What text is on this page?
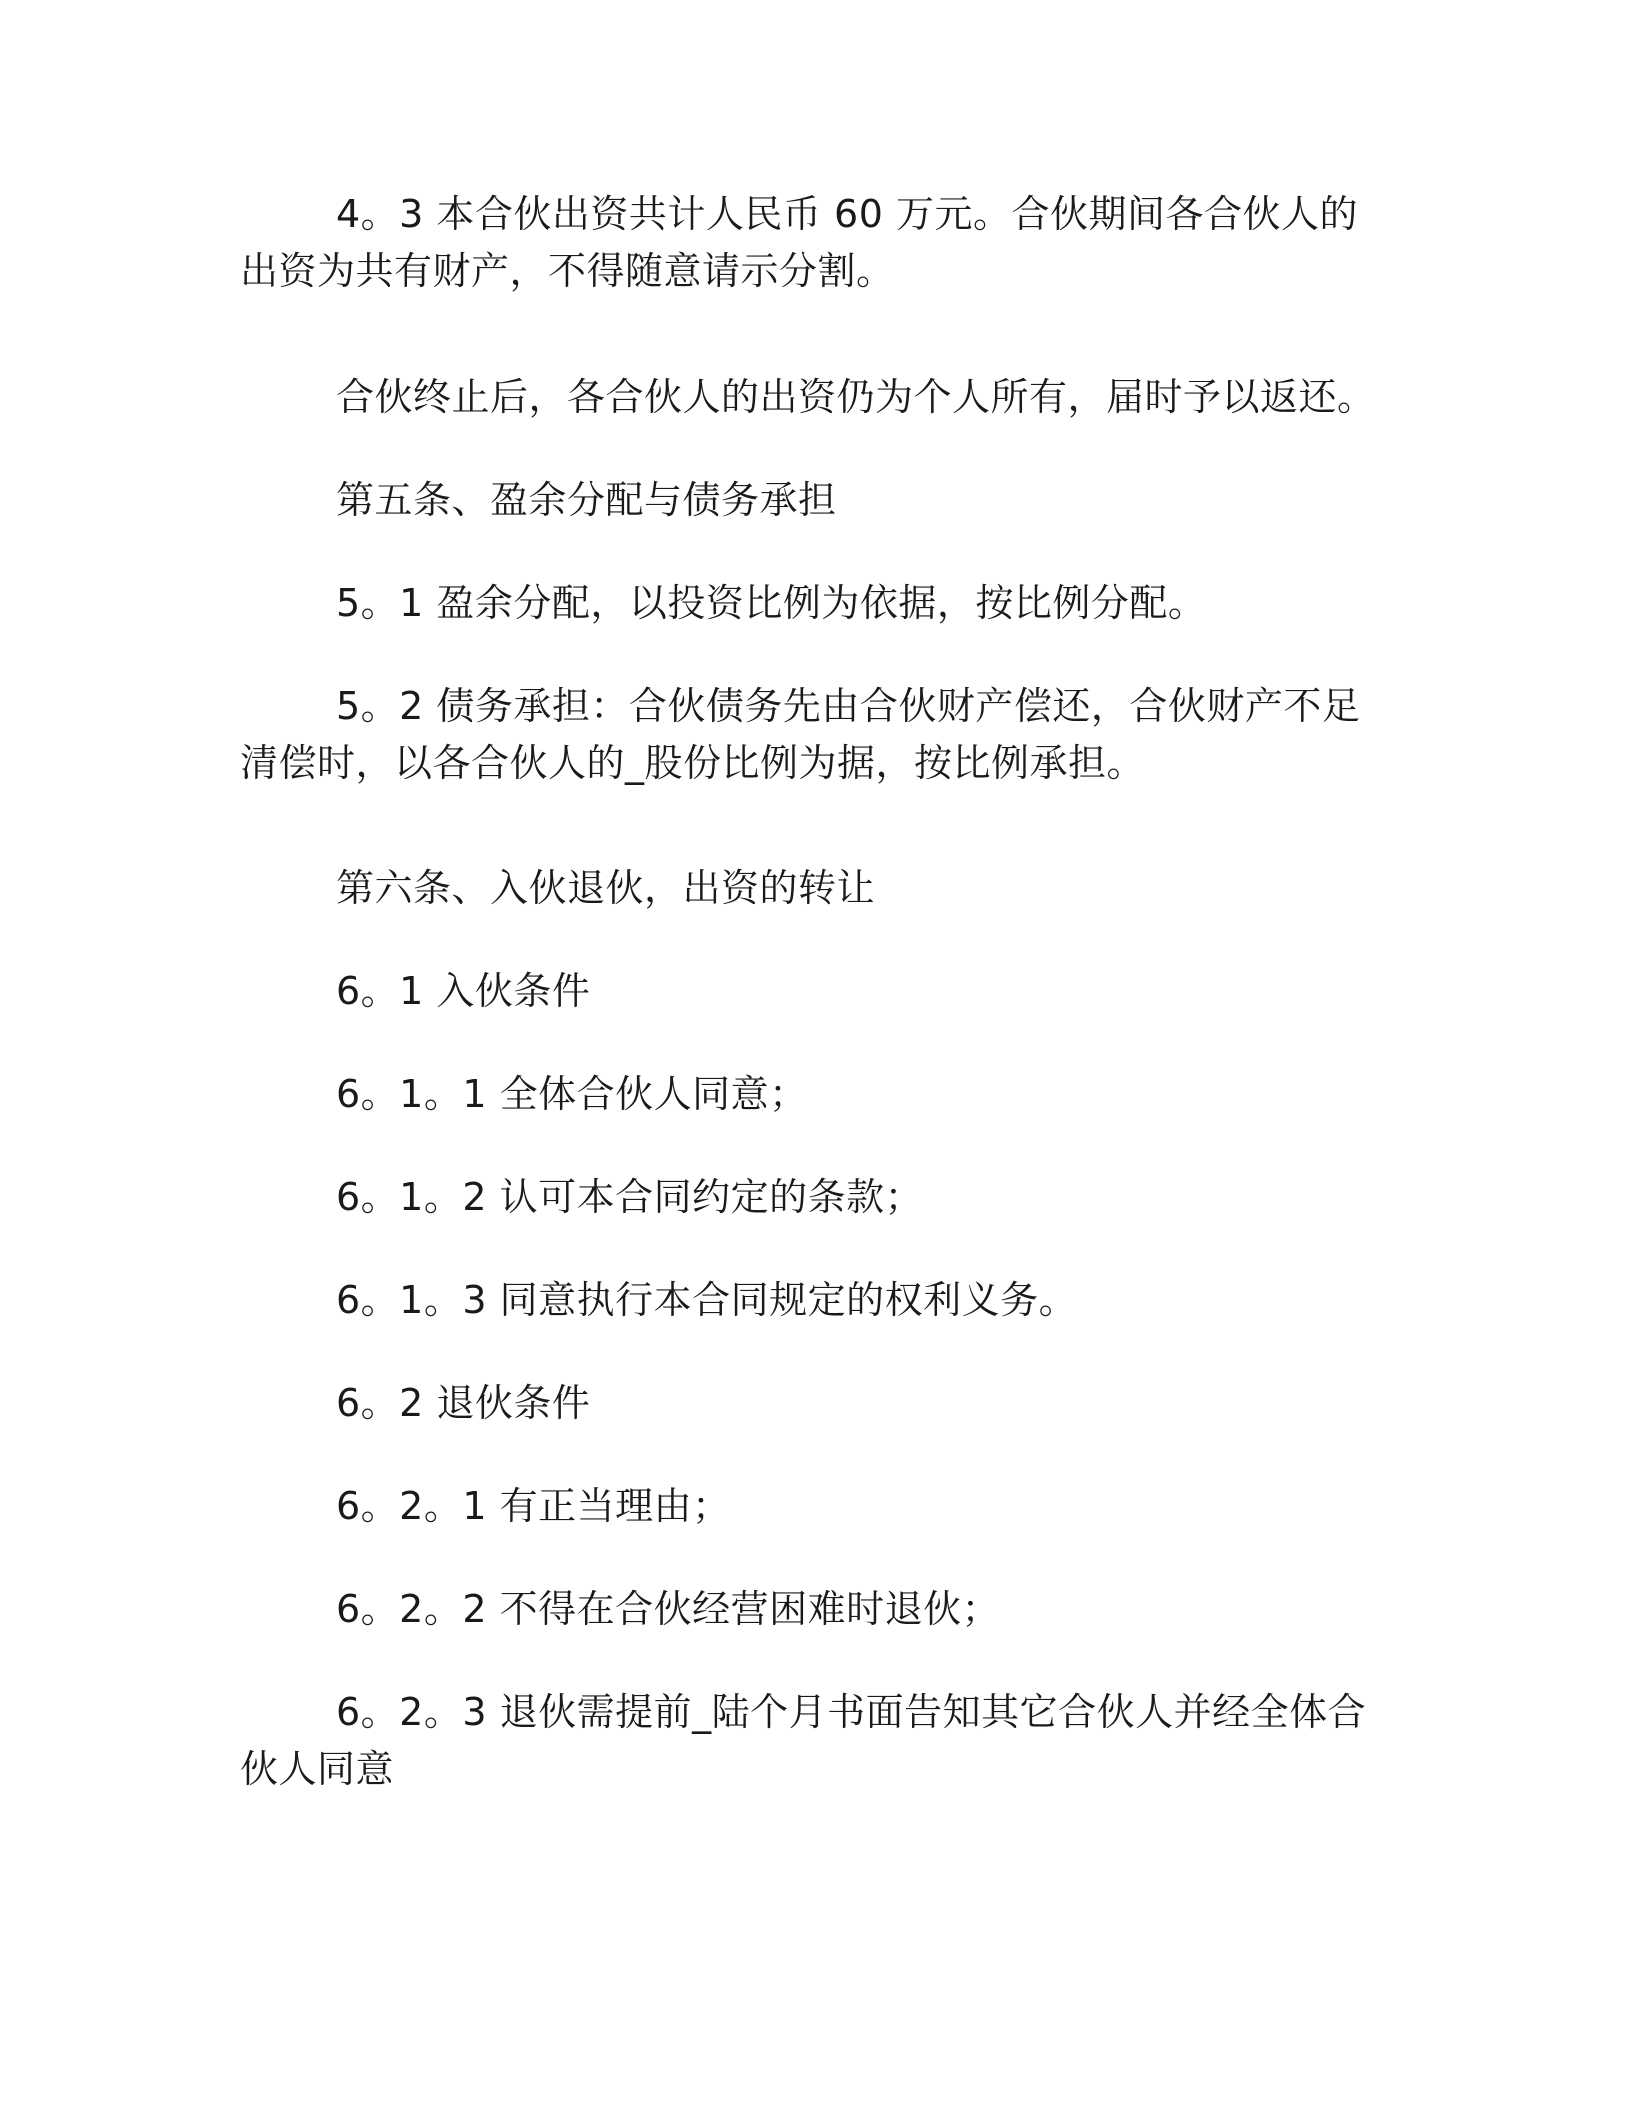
4。3 本合伙出资共计人民币 60 万元。合伙期间各合伙人的出资为共有财产，不得随意请示分割。

合伙终止后，各合伙人的出资仍为个人所有，届时予以返还。

第五条、盈余分配与债务承担

5。1 盈余分配，以投资比例为依据，按比例分配。

5。2 债务承担：合伙债务先由合伙财产偿还，合伙财产不足清偿时，以各合伙人的_股份比例为据，按比例承担。

第六条、入伙退伙，出资的转让

6。1 入伙条件

6。1。1 全体合伙人同意；

6。1。2 认可本合同约定的条款；

6。1。3 同意执行本合同规定的权利义务。

6。2 退伙条件

6。2。1 有正当理由；

6。2。2 不得在合伙经营困难时退伙；

6。2。3 退伙需提前_陆个月书面告知其它合伙人并经全体合伙人同意
